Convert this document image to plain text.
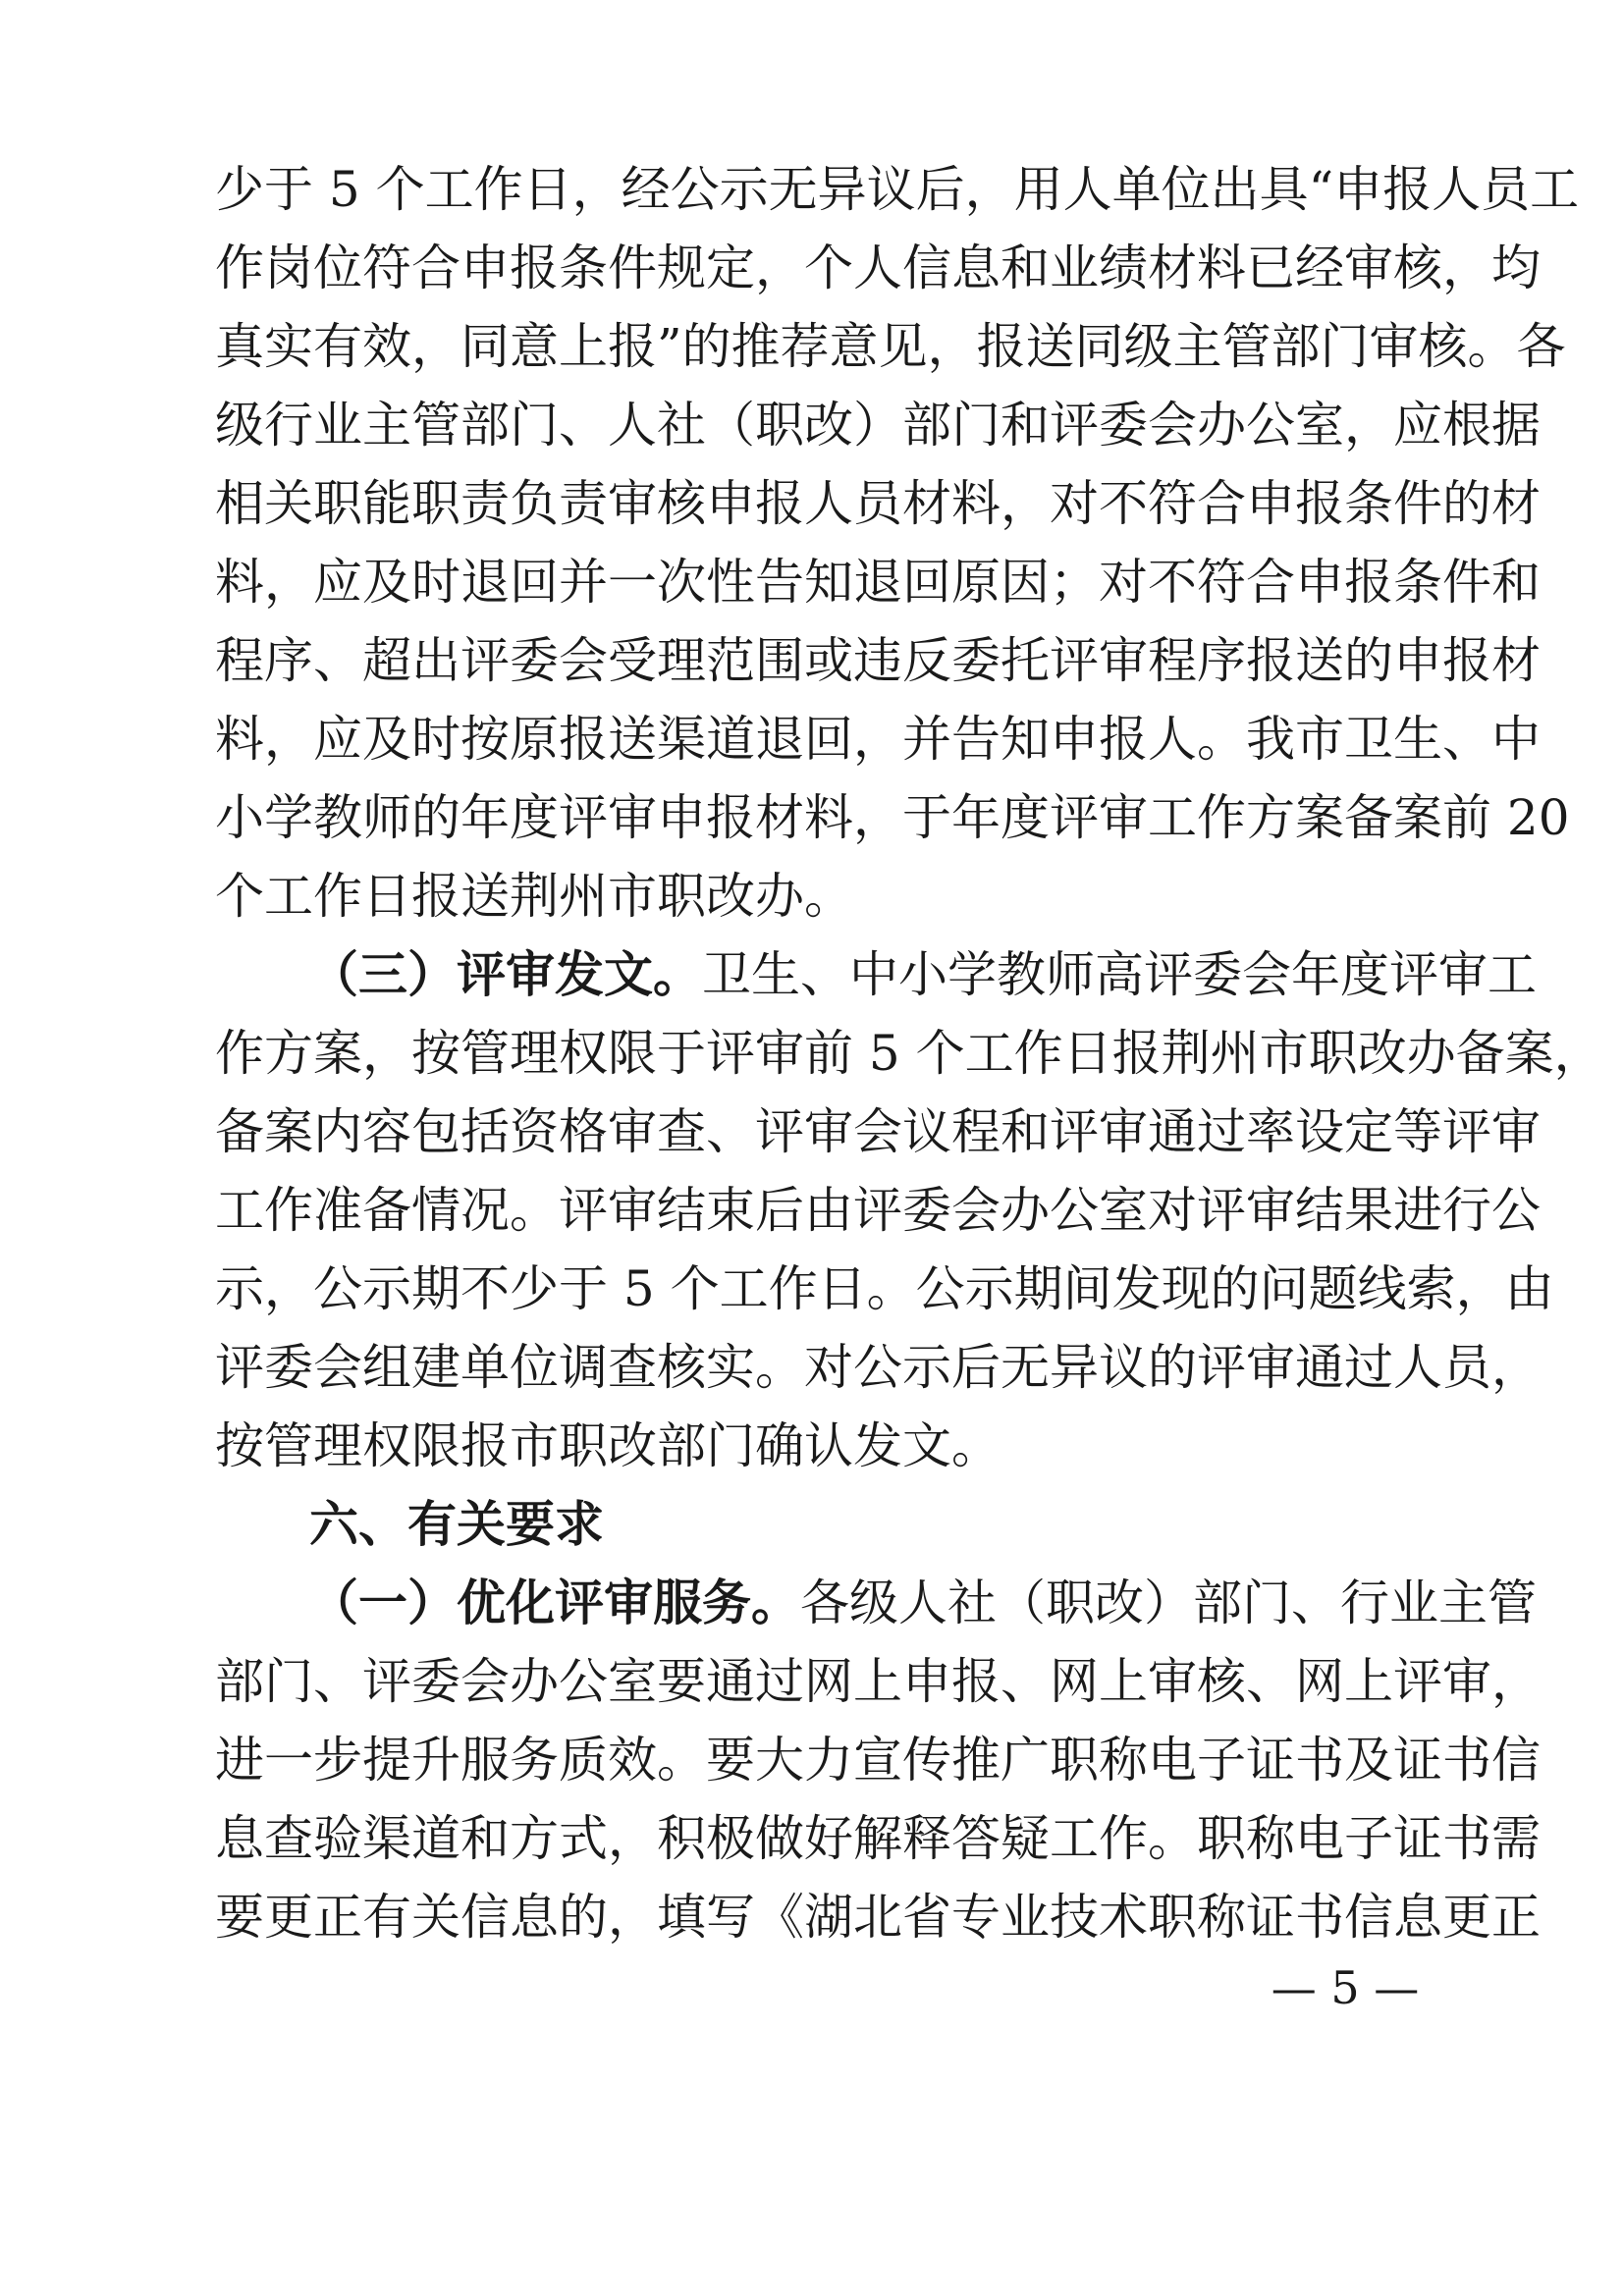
少于 5 个工作日，经公示无异议后，用人单位出具“申报人员工
作岗位符合申报条件规定，个人信息和业绩材料已经审核，均
真实有效，同意上报”的推荐意见，报送同级主管部门审核。各
级行业主管部门、人社（职改）部门和评委会办公室，应根据
相关职能职责负责审核申报人员材料，对不符合申报条件的材
料，应及时退回并一次性告知退回原因；对不符合申报条件和
程序、超出评委会受理范围或违反委托评审程序报送的申报材
料，应及时按原报送渠道退回，并告知申报人。我市卫生、中
小学教师的年度评审申报材料，于年度评审工作方案备案前 20
个工作日报送荆州市职改办。
（三）评审发文。卫生、中小学教师高评委会年度评审工
作方案，按管理权限于评审前 5 个工作日报荆州市职改办备案，
备案内容包括资格审查、评审会议程和评审通过率设定等评审
工作准备情况。评审结束后由评委会办公室对评审结果进行公
示，公示期不少于 5 个工作日。公示期间发现的问题线索，由
评委会组建单位调查核实。对公示后无异议的评审通过人员，
按管理权限报市职改部门确认发文。
六、有关要求
（一）优化评审服务。各级人社（职改）部门、行业主管
部门、评委会办公室要通过网上申报、网上审核、网上评审，
进一步提升服务质效。要大力宣传推广职称电子证书及证书信
息查验渠道和方式，积极做好解释答疑工作。职称电子证书需
要更正有关信息的，填写《湖北省专业技术职称证书信息更正
— 5 —
